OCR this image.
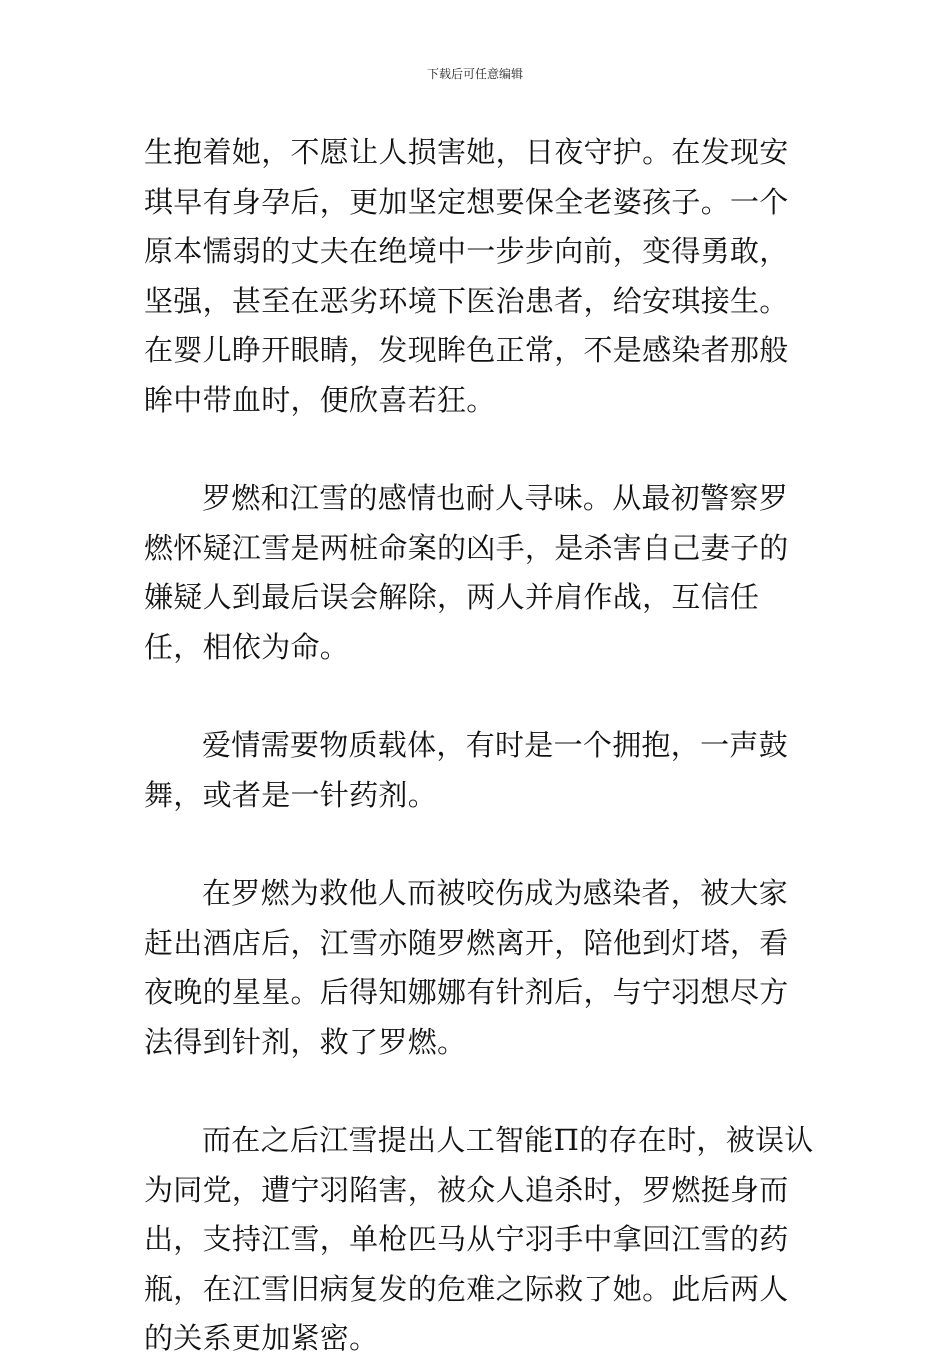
下载后可任意编辑

生抱着她，不愿让人损害她，日夜守护。在发现安琪早有身孕后，更加坚定想要保全老婆孩子。一个原本懦弱的丈夫在绝境中一步步向前，变得勇敢，坚强，甚至在恶劣环境下医治患者，给安琪接生。在婴儿睁开眼睛，发现眸色正常，不是感染者那般眸中带血时，便欣喜若狂。

罗燃和江雪的感情也耐人寻味。从最初警察罗燃怀疑江雪是两桩命案的凶手，是杀害自己妻子的嫌疑人到最后误会解除，两人并肩作战，互信任任，相依为命。

爱情需要物质载体，有时是一个拥抱，一声鼓舞，或者是一针药剂。

在罗燃为救他人而被咬伤成为感染者，被大家赶出酒店后，江雪亦随罗燃离开，陪他到灯塔，看夜晚的星星。后得知娜娜有针剂后，与宁羽想尽方法得到针剂，救了罗燃。

而在之后江雪提出人工智能Π的存在时，被误认为同党，遭宁羽陷害，被众人追杀时，罗燃挺身而出，支持江雪，单枪匹马从宁羽手中拿回江雪的药瓶，在江雪旧病复发的危难之际救了她。此后两人的关系更加紧密。
